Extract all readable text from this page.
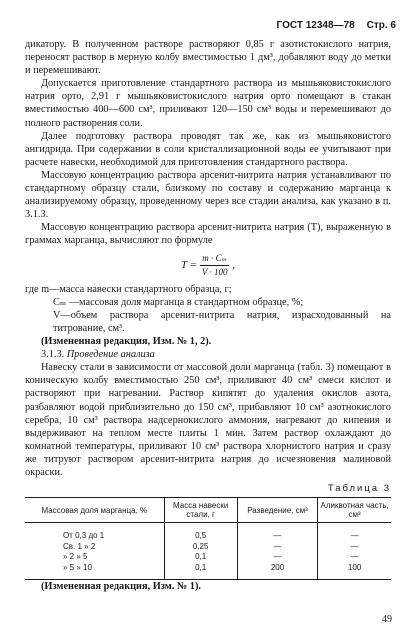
ГОСТ 12348—78 Стр. 6

дикатору. В полученном растворе растворяют 0,85 г азотистокислого натрия, переносят раствор в мерную колбу вместимостью 1 дм³, добавляют воду до метки и перемешивают.

Допускается приготовление стандартного раствора из мышьяковистокислого натрия орто, 2,91 г мышьяковистокислого натрия орто помещают в стакан вместимостью 400—600 см³, приливают 120—150 см³ воды и перемешивают до полного растворения соли.

Далее подготовку раствора проводят так же, как из мышьяковистого ангидрида. При содержании в соли кристаллизационной воды ее учитывают при расчете навески, необходимой для приготовления стандартного раствора.

Массовую концентрацию раствора арсенит-нитрита натрия устанавливают по стандартному образцу стали, близкому по составу и содержанию марганца к анализируемому образцу, проведенному через все стадии анализа, как указано в п. 3.1.3.

Массовую концентрацию раствора арсенит-нитрита натрия (T), выраженную в граммах марганца, вычисляют по формуле

$T = \frac{\text{m · Cₘ}}{V \cdot 100}$ ,

где m—масса навески стандартного образца, г;

Cₘ —массовая доля марганца в стандартном образце, %;

V—объем раствора арсенит-нитрита натрия, израсходованный на титрование, см³.

(Измененная редакция, Изм. № 1, 2).

3.1.3. Проведение анализа

Навеску стали в зависимости от массовой доли марганца (табл. 3) помещают в коническую колбу вместимостью 250 см³, приливают 40 см³ смеси кислот и растворяют при нагревании. Раствор кипятят до удаления окислов азота, разбавляют водой приблизительно до 150 см³, прибавляют 10 см³ азотнокислого серебра, 10 см³ раствора надсернокислого аммония, нагревают до кипения и выдерживают на теплом месте плиты 1 мин. Затем раствор охлаждают до комнатной температуры, приливают 10 см³ раствора хлорнистого натрия и сразу же титруют раствором арсенит-нитрита натрия до исчезновения малиновой окраски.

Таблица 3
Массовая доля марганца, %	Масса навески стали, г	Разведение, см³	Аликвотная часть, см³
От 0,3 до 1	0,5	—	—
Св. 1 » 2	0,25	—	—
» 2 » 5	0,1	—	—
» 5 » 10	0,1	200	100

(Измененная редакция, Изм. № 1).

49
